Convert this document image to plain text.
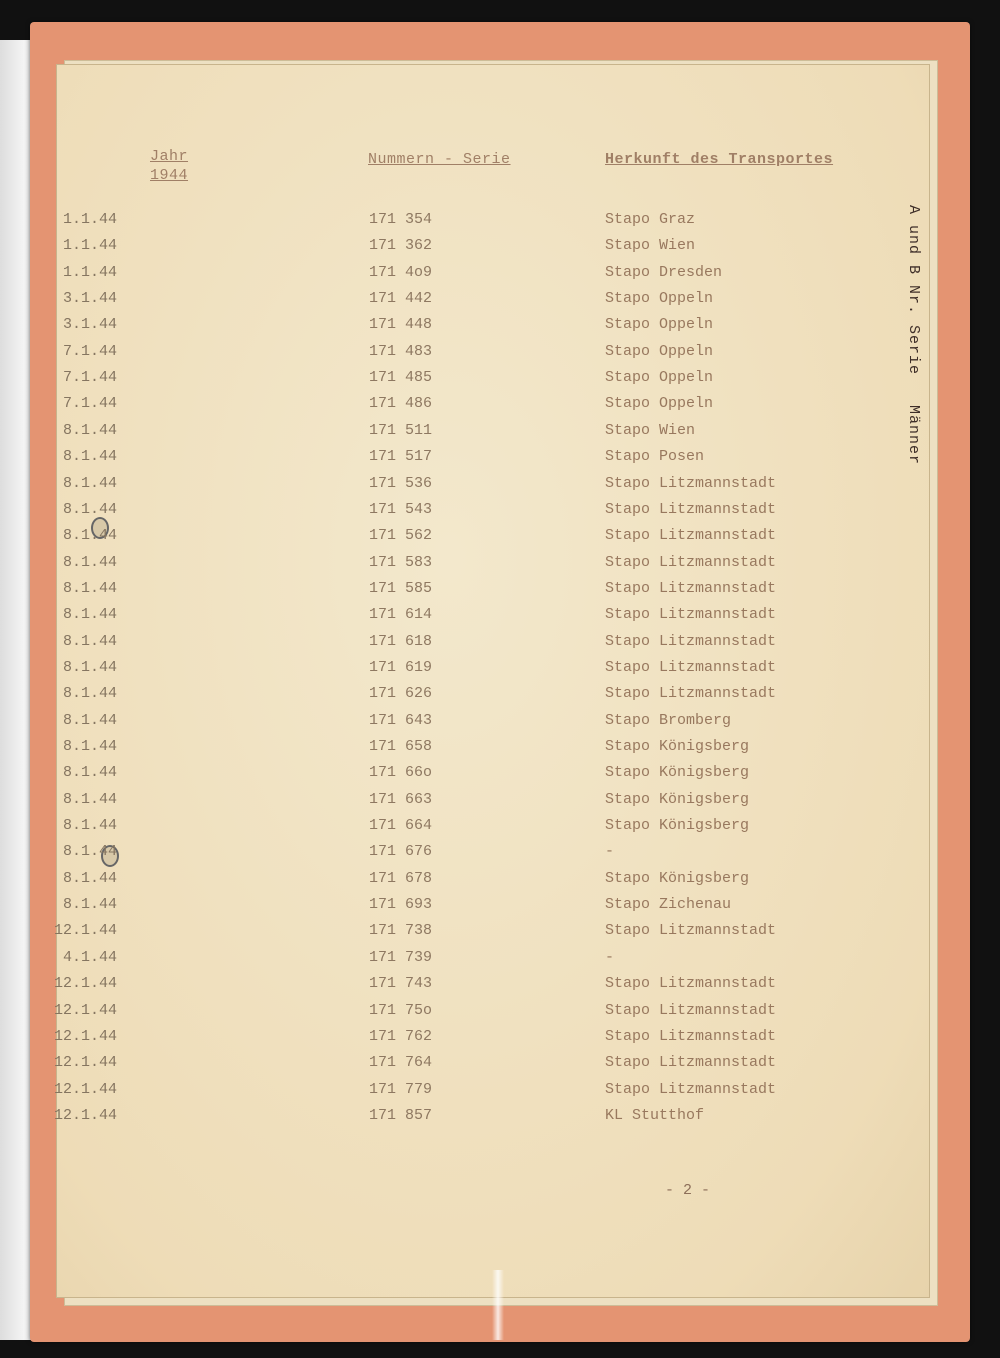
Jahr
1944
Nummern - Serie	Herkunft des Transportes
A und B Nr. Serie   Männer
1.1.44	171 354	Stapo Graz
1.1.44	171 362	Stapo Wien
1.1.44	171 4o9	Stapo Dresden
3.1.44	171 442	Stapo Oppeln
3.1.44	171 448	Stapo Oppeln
7.1.44	171 483	Stapo Oppeln
7.1.44	171 485	Stapo Oppeln
7.1.44	171 486	Stapo Oppeln
8.1.44	171 511	Stapo Wien
8.1.44	171 517	Stapo Posen
8.1.44	171 536	Stapo Litzmannstadt
8.1.44	171 543	Stapo Litzmannstadt
8.1.44	171 562	Stapo Litzmannstadt
8.1.44	171 583	Stapo Litzmannstadt
8.1.44	171 585	Stapo Litzmannstadt
8.1.44	171 614	Stapo Litzmannstadt
8.1.44	171 618	Stapo Litzmannstadt
8.1.44	171 619	Stapo Litzmannstadt
8.1.44	171 626	Stapo Litzmannstadt
8.1.44	171 643	Stapo Bromberg
8.1.44	171 658	Stapo Königsberg
8.1.44	171 66o	Stapo Königsberg
8.1.44	171 663	Stapo Königsberg
8.1.44	171 664	Stapo Königsberg
8.1.44	171 676	-
8.1.44	171 678	Stapo Königsberg
8.1.44	171 693	Stapo Zichenau
12.1.44	171 738	Stapo Litzmannstadt
4.1.44	171 739	-
12.1.44	171 743	Stapo Litzmannstadt
12.1.44	171 75o	Stapo Litzmannstadt
12.1.44	171 762	Stapo Litzmannstadt
12.1.44	171 764	Stapo Litzmannstadt
12.1.44	171 779	Stapo Litzmannstadt
12.1.44	171 857	KL Stutthof
- 2 -
